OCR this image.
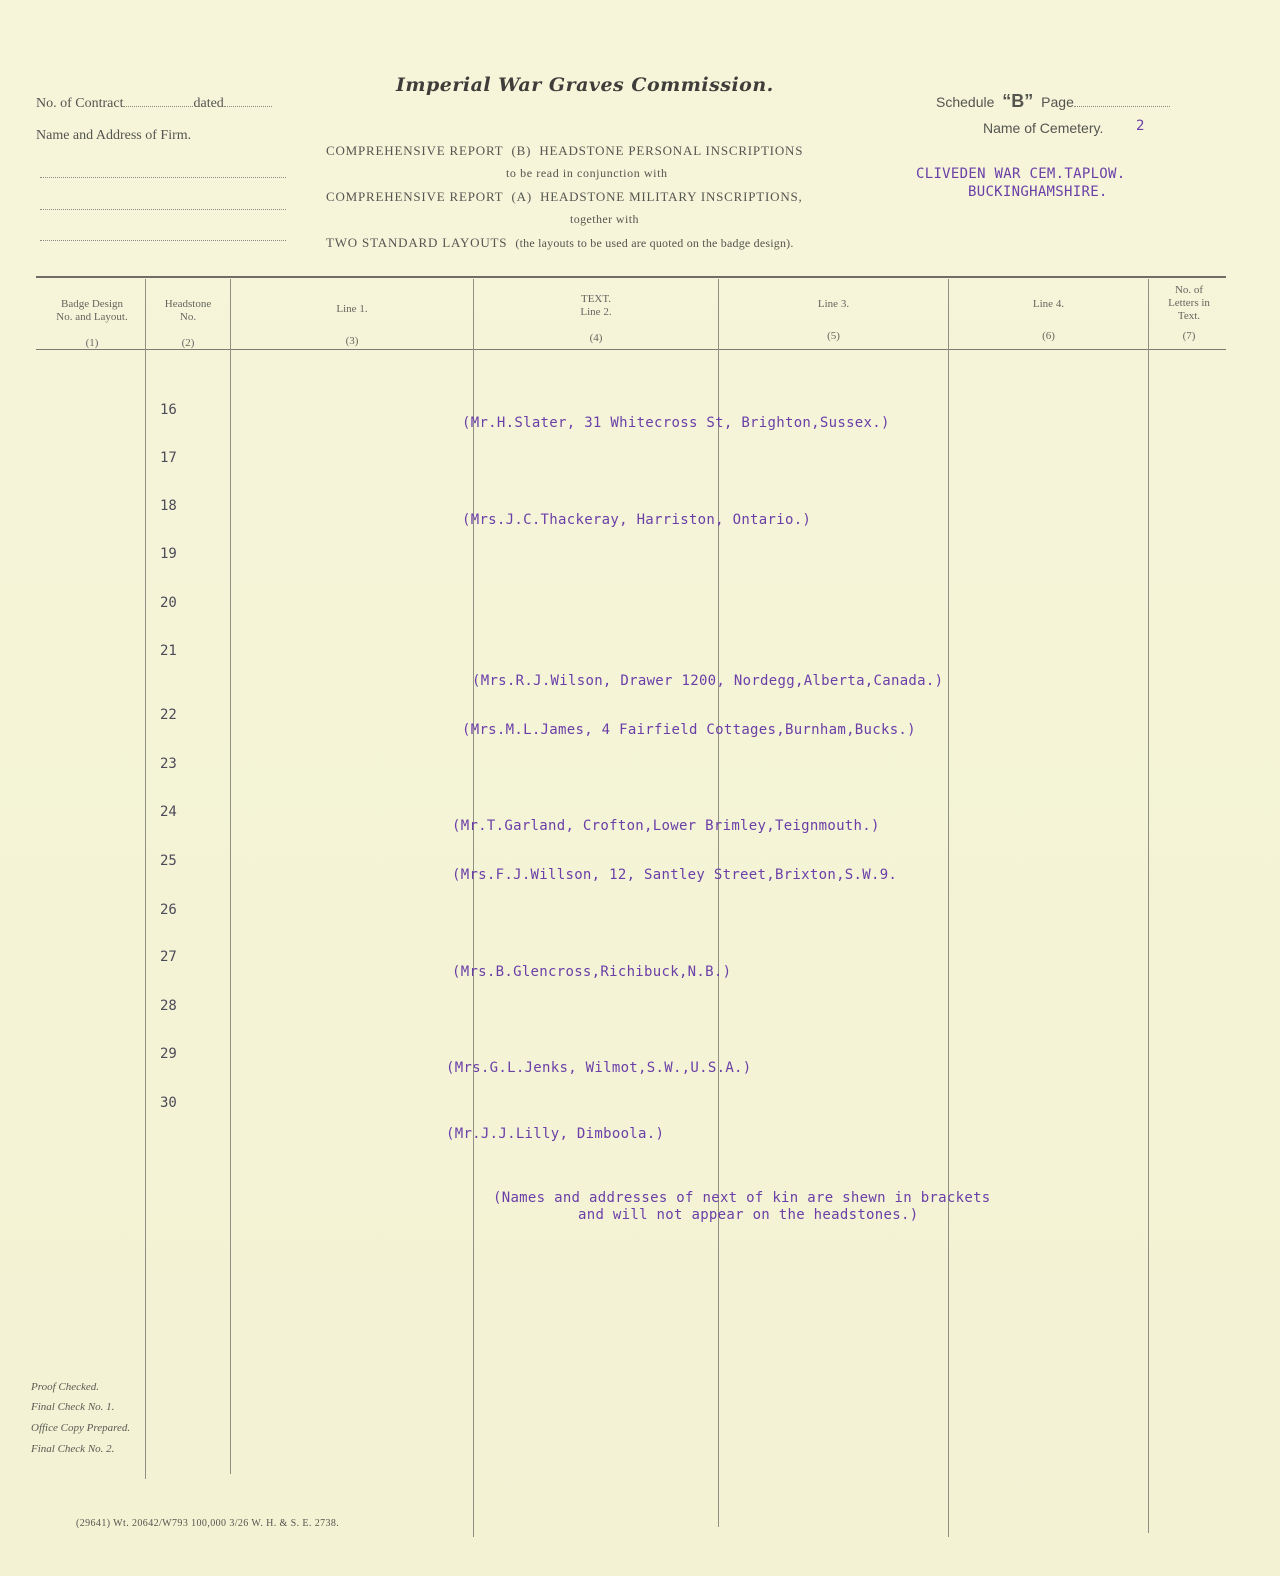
Imperial War Graves Commission.
No. of Contract	dated
Name and Address of Firm.
COMPREHENSIVE REPORT (B) HEADSTONE PERSONAL INSCRIPTIONS
to be read in conjunction with
COMPREHENSIVE REPORT (A) HEADSTONE MILITARY INSCRIPTIONS,
together with
TWO STANDARD LAYOUTS (the layouts to be used are quoted on the badge design).
Schedule “B” Page
Name of Cemetery. 2
CLIVEDEN WAR CEM.TAPLOW.
BUCKINGHAMSHIRE.
Badge Design
No. and Layout.
(1)
Headstone
No.
(2)
Line 1.
(3)
TEXT.
Line 2.
(4)
Line 3.
(5)
Line 4.
(6)
No. of
Letters in
Text.
(7)
16
17
18
19
20
21
22
23
24
25
26
27
28
29
30
(Mr.H.Slater, 31 Whitecross St, Brighton,Sussex.)
(Mrs.J.C.Thackeray, Harriston, Ontario.)
(Mrs.R.J.Wilson, Drawer 1200, Nordegg,Alberta,Canada.)
(Mrs.M.L.James, 4 Fairfield Cottages,Burnham,Bucks.)
(Mr.T.Garland, Crofton,Lower Brimley,Teignmouth.)
(Mrs.F.J.Willson, 12, Santley Street,Brixton,S.W.9.
(Mrs.B.Glencross,Richibuck,N.B.)
(Mrs.G.L.Jenks, Wilmot,S.W.,U.S.A.)
(Mr.J.J.Lilly, Dimboola.)
(Names and addresses of next of kin are shewn in brackets
and will not appear on the headstones.)
Proof Checked.
Final Check No. 1.
Office Copy Prepared.
Final Check No. 2.
(29641) Wt. 20642/W793 100,000 3/26 W. H. & S. E. 2738.
